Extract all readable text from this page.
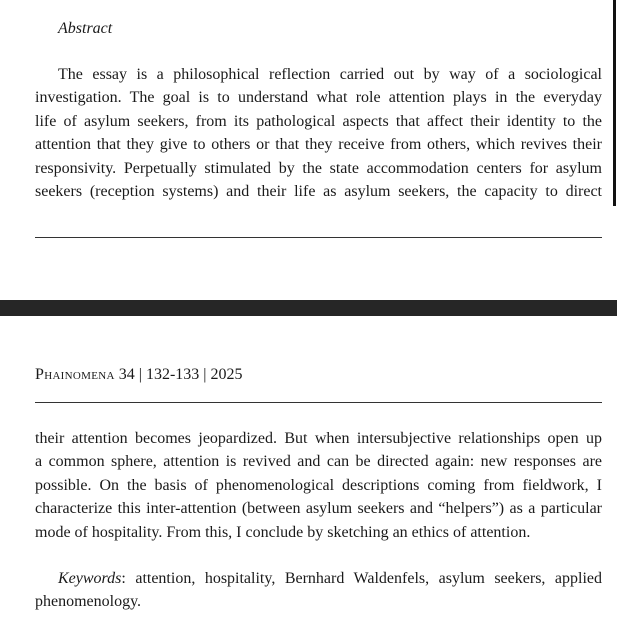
Abstract
The essay is a philosophical reflection carried out by way of a sociological
investigation. The goal is to understand what role attention plays in the everyday
life of asylum seekers, from its pathological aspects that affect their identity to the
attention that they give to others or that they receive from others, which revives their
responsivity. Perpetually stimulated by the state accommodation centers for asylum
seekers (reception systems) and their life as asylum seekers, the capacity to direct
Phainomena 34 | 132-133 | 2025
their attention becomes jeopardized. But when intersubjective relationships open up
a common sphere, attention is revived and can be directed again: new responses are
possible. On the basis of phenomenological descriptions coming from fieldwork, I
characterize this inter-attention (between asylum seekers and “helpers”) as a particular
mode of hospitality. From this, I conclude by sketching an ethics of attention.
Keywords: attention, hospitality, Bernhard Waldenfels, asylum seekers, applied
phenomenology.
